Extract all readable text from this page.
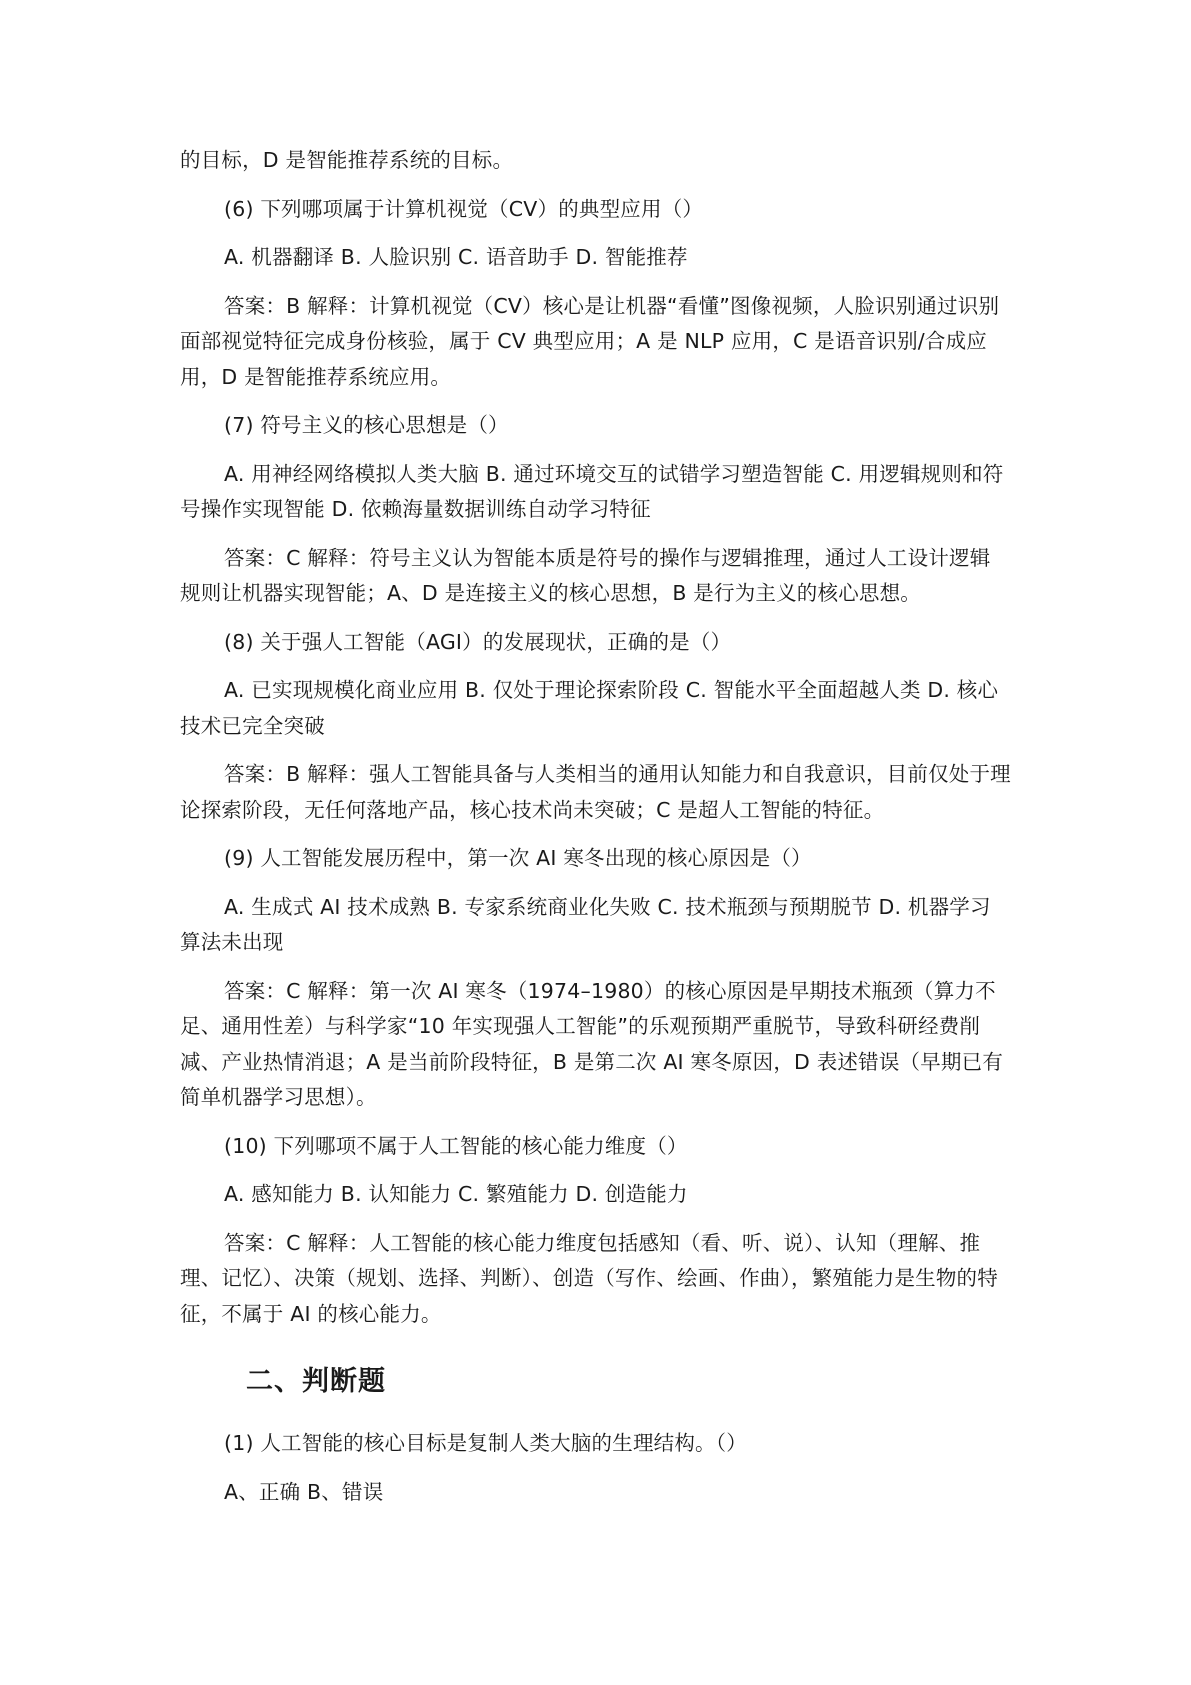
的目标，D 是智能推荐系统的目标。

(6) 下列哪项属于计算机视觉（CV）的典型应用（）

A. 机器翻译 B. 人脸识别 C. 语音助手 D. 智能推荐

答案：B 解释：计算机视觉（CV）核心是让机器“看懂”图像视频，人脸识别通过识别面部视觉特征完成身份核验，属于 CV 典型应用；A 是 NLP 应用，C 是语音识别/合成应用，D 是智能推荐系统应用。

(7) 符号主义的核心思想是（）

A. 用神经网络模拟人类大脑 B. 通过环境交互的试错学习塑造智能 C. 用逻辑规则和符号操作实现智能 D. 依赖海量数据训练自动学习特征

答案：C 解释：符号主义认为智能本质是符号的操作与逻辑推理，通过人工设计逻辑规则让机器实现智能；A、D 是连接主义的核心思想，B 是行为主义的核心思想。

(8) 关于强人工智能（AGI）的发展现状，正确的是（）

A. 已实现规模化商业应用 B. 仅处于理论探索阶段 C. 智能水平全面超越人类 D. 核心技术已完全突破

答案：B 解释：强人工智能具备与人类相当的通用认知能力和自我意识，目前仅处于理论探索阶段，无任何落地产品，核心技术尚未突破；C 是超人工智能的特征。

(9) 人工智能发展历程中，第一次 AI 寒冬出现的核心原因是（）

A. 生成式 AI 技术成熟 B. 专家系统商业化失败 C. 技术瓶颈与预期脱节 D. 机器学习算法未出现

答案：C 解释：第一次 AI 寒冬（1974–1980）的核心原因是早期技术瓶颈（算力不足、通用性差）与科学家“10 年实现强人工智能”的乐观预期严重脱节，导致科研经费削减、产业热情消退；A 是当前阶段特征，B 是第二次 AI 寒冬原因，D 表述错误（早期已有简单机器学习思想）。

(10) 下列哪项不属于人工智能的核心能力维度（）

A. 感知能力 B. 认知能力 C. 繁殖能力 D. 创造能力

答案：C 解释：人工智能的核心能力维度包括感知（看、听、说）、认知（理解、推理、记忆）、决策（规划、选择、判断）、创造（写作、绘画、作曲），繁殖能力是生物的特征，不属于 AI 的核心能力。

二、判断题

(1) 人工智能的核心目标是复制人类大脑的生理结构。（）

A、正确 B、错误
